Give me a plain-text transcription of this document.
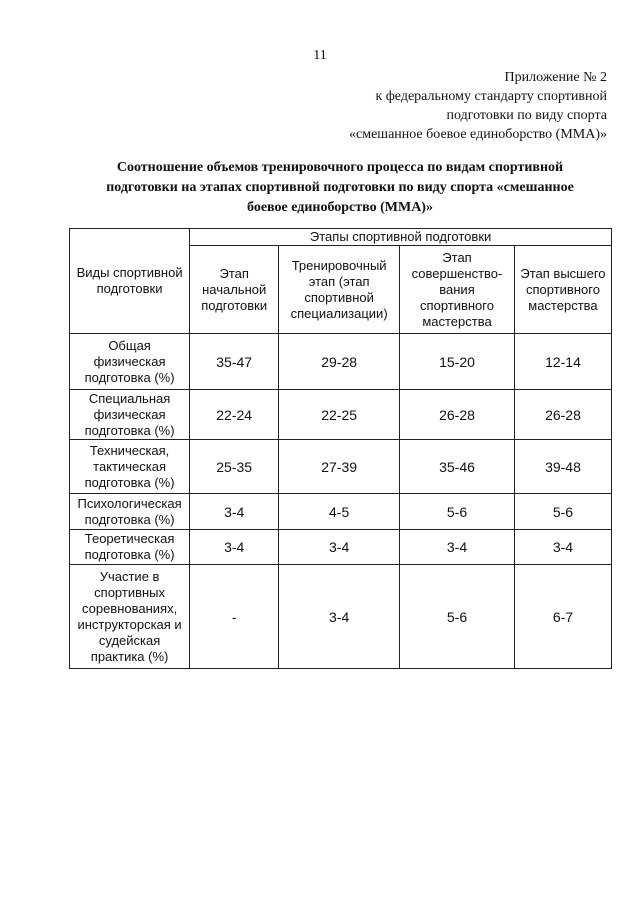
11
Приложение № 2
к федеральному стандарту спортивной
подготовки по виду спорта
«смешанное боевое единоборство (ММА)»
Соотношение объемов тренировочного процесса по видам спортивной
подготовки на этапах спортивной подготовки по виду спорта «смешанное
боевое единоборство (ММА)»
Виды спортивной подготовки	Этапы спортивной подготовки			
	Этап начальной подготовки	Тренировочный этап (этап спортивной специализации)	Этап совершенство-вания спортивного мастерства	Этап высшего спортивного мастерства
Общая физическая подготовка (%)	35-47	29-28	15-20	12-14
Специальная физическая подготовка (%)	22-24	22-25	26-28	26-28
Техническая, тактическая подготовка (%)	25-35	27-39	35-46	39-48
Психологическая подготовка (%)	3-4	4-5	5-6	5-6
Теоретическая подготовка (%)	3-4	3-4	3-4	3-4
Участие в спортивных соревнованиях, инструкторская и судейская практика (%)	-	3-4	5-6	6-7
